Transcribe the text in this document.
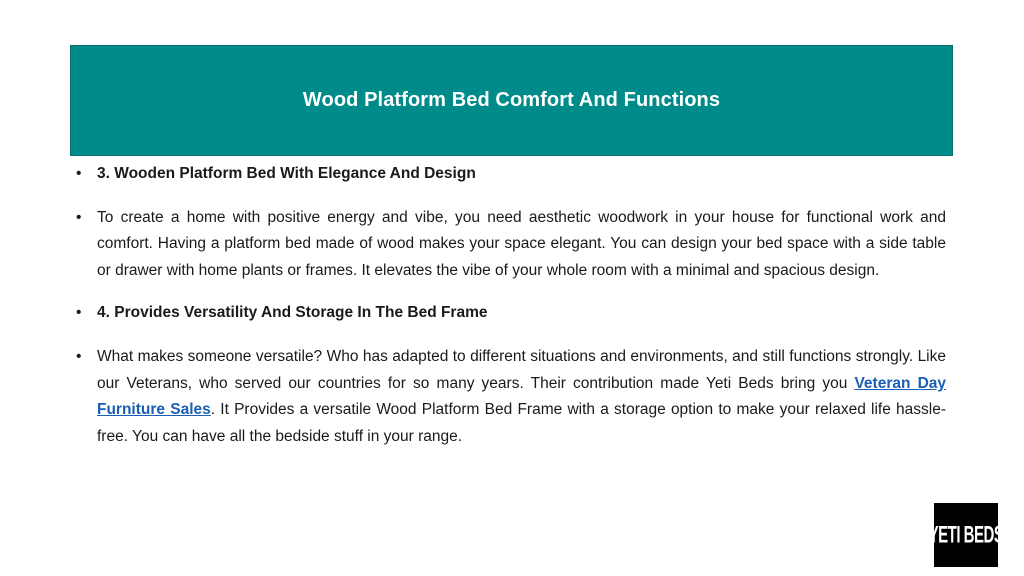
Wood Platform Bed Comfort And Functions
• 3. Wooden Platform Bed With Elegance And Design
• To create a home with positive energy and vibe, you need aesthetic woodwork in your house for functional work and comfort. Having a platform bed made of wood makes your space elegant. You can design your bed space with a side table or drawer with home plants or frames. It elevates the vibe of your whole room with a minimal and spacious design.
• 4. Provides Versatility And Storage In The Bed Frame
• What makes someone versatile? Who has adapted to different situations and environments, and still functions strongly. Like our Veterans, who served our countries for so many years. Their contribution made Yeti Beds bring you Veteran Day Furniture Sales. It Provides a versatile Wood Platform Bed Frame with a storage option to make your relaxed life hassle-free. You can have all the bedside stuff in your range.
YETI BEDS
